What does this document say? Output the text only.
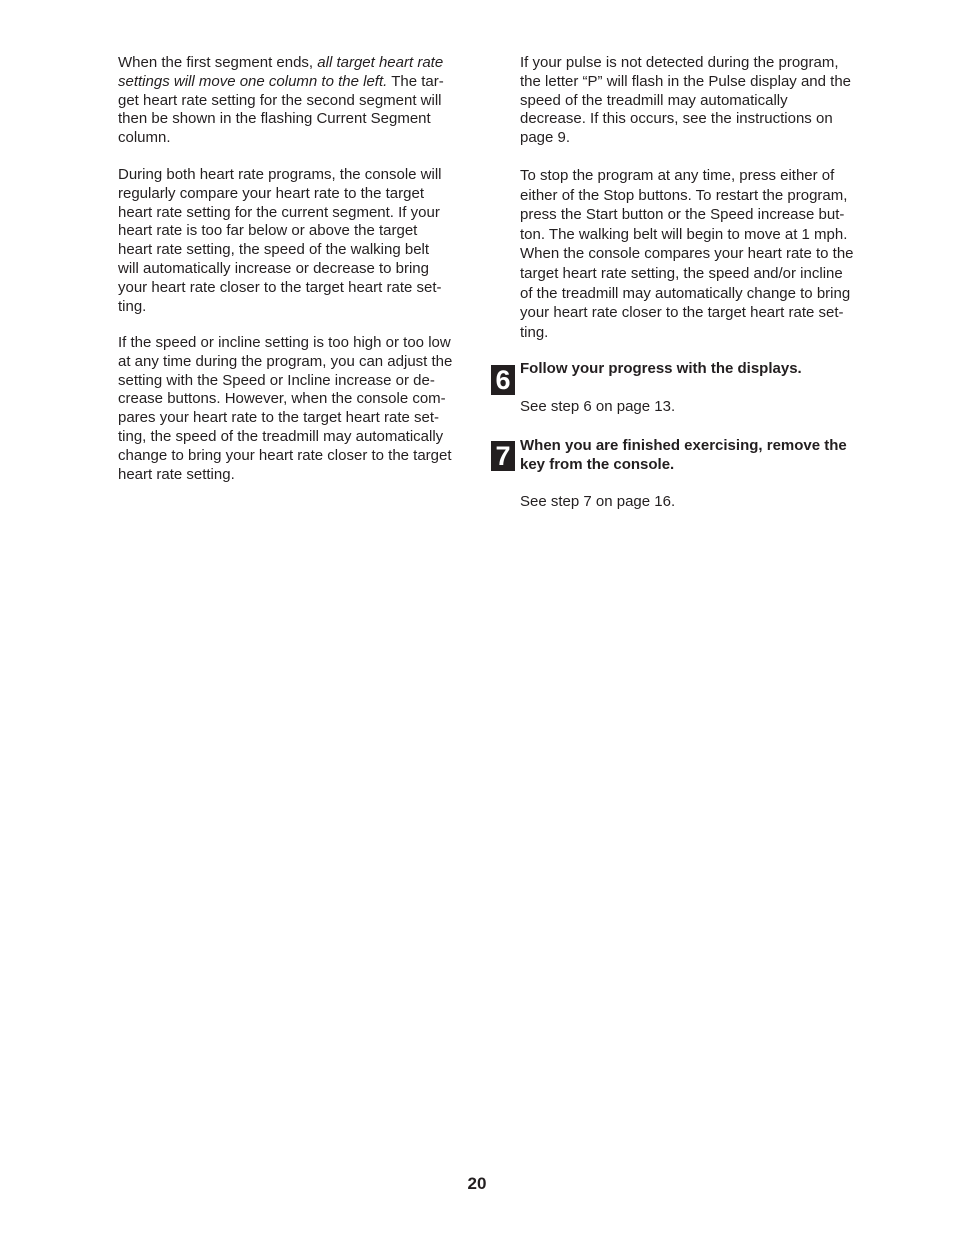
When the first segment ends, all target heart rate
settings will move one column to the left. The tar-
get heart rate setting for the second segment will
then be shown in the flashing Current Segment
column.
During both heart rate programs, the console will
regularly compare your heart rate to the target
heart rate setting for the current segment. If your
heart rate is too far below or above the target
heart rate setting, the speed of the walking belt
will automatically increase or decrease to bring
your heart rate closer to the target heart rate set-
ting.
If the speed or incline setting is too high or too low
at any time during the program, you can adjust the
setting with the Speed or Incline increase or de-
crease buttons. However, when the console com-
pares your heart rate to the target heart rate set-
ting, the speed of the treadmill may automatically
change to bring your heart rate closer to the target
heart rate setting.
If your pulse is not detected during the program,
the letter “P” will flash in the Pulse display and the
speed of the treadmill may automatically
decrease. If this occurs, see the instructions on
page 9.
To stop the program at any time, press either of
either of the Stop buttons. To restart the program,
press the Start button or the Speed increase but-
ton. The walking belt will begin to move at 1 mph.
When the console compares your heart rate to the
target heart rate setting, the speed and/or incline
of the treadmill may automatically change to bring
your heart rate closer to the target heart rate set-
ting.
6 Follow your progress with the displays.
See step 6 on page 13.
7 When you are finished exercising, remove the
key from the console.
See step 7 on page 16.
20
